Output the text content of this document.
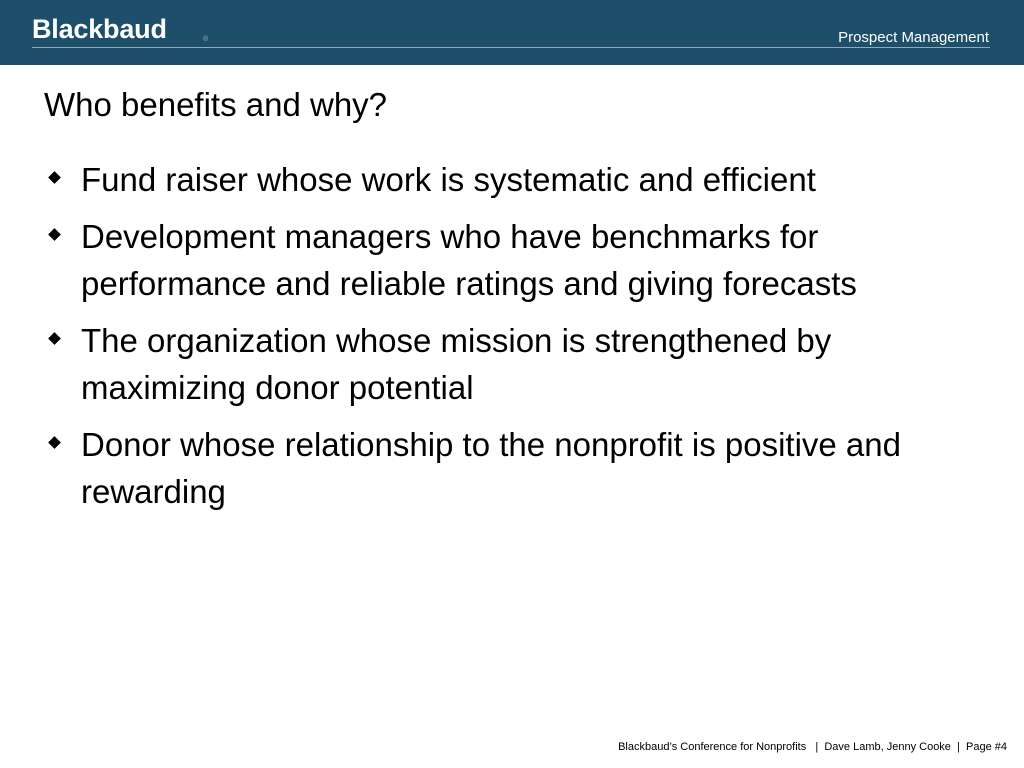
Blackbaud	®	Prospect Management
Who benefits and why?
Fund raiser whose work is systematic and efficient
Development managers who have benchmarks for performance and reliable ratings and giving forecasts
The organization whose mission is strengthened by maximizing donor potential
Donor whose relationship to the nonprofit is positive and rewarding
Blackbaud’s Conference for Nonprofits   |  Dave Lamb, Jenny Cooke  |  Page #4
